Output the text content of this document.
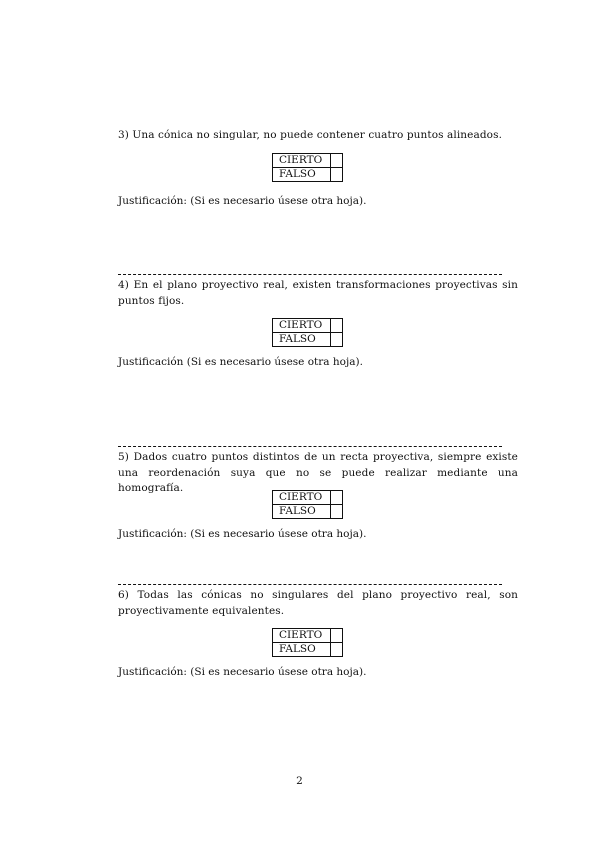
3) Una cónica no singular, no puede contener cuatro puntos alineados.
CIERTO	
FALSO	
Justificación: (Si es necesario úsese otra hoja).
4) En el plano proyectivo real, existen transformaciones proyectivas sin puntos fijos.
CIERTO	
FALSO	
Justificación (Si es necesario úsese otra hoja).
5) Dados cuatro puntos distintos de un recta proyectiva, siempre existe una reordenación suya que no se puede realizar mediante una homografía.
CIERTO	
FALSO	
Justificación: (Si es necesario úsese otra hoja).
6) Todas las cónicas no singulares del plano proyectivo real, son proyectivamente equivalentes.
CIERTO	
FALSO	
Justificación: (Si es necesario úsese otra hoja).
2
